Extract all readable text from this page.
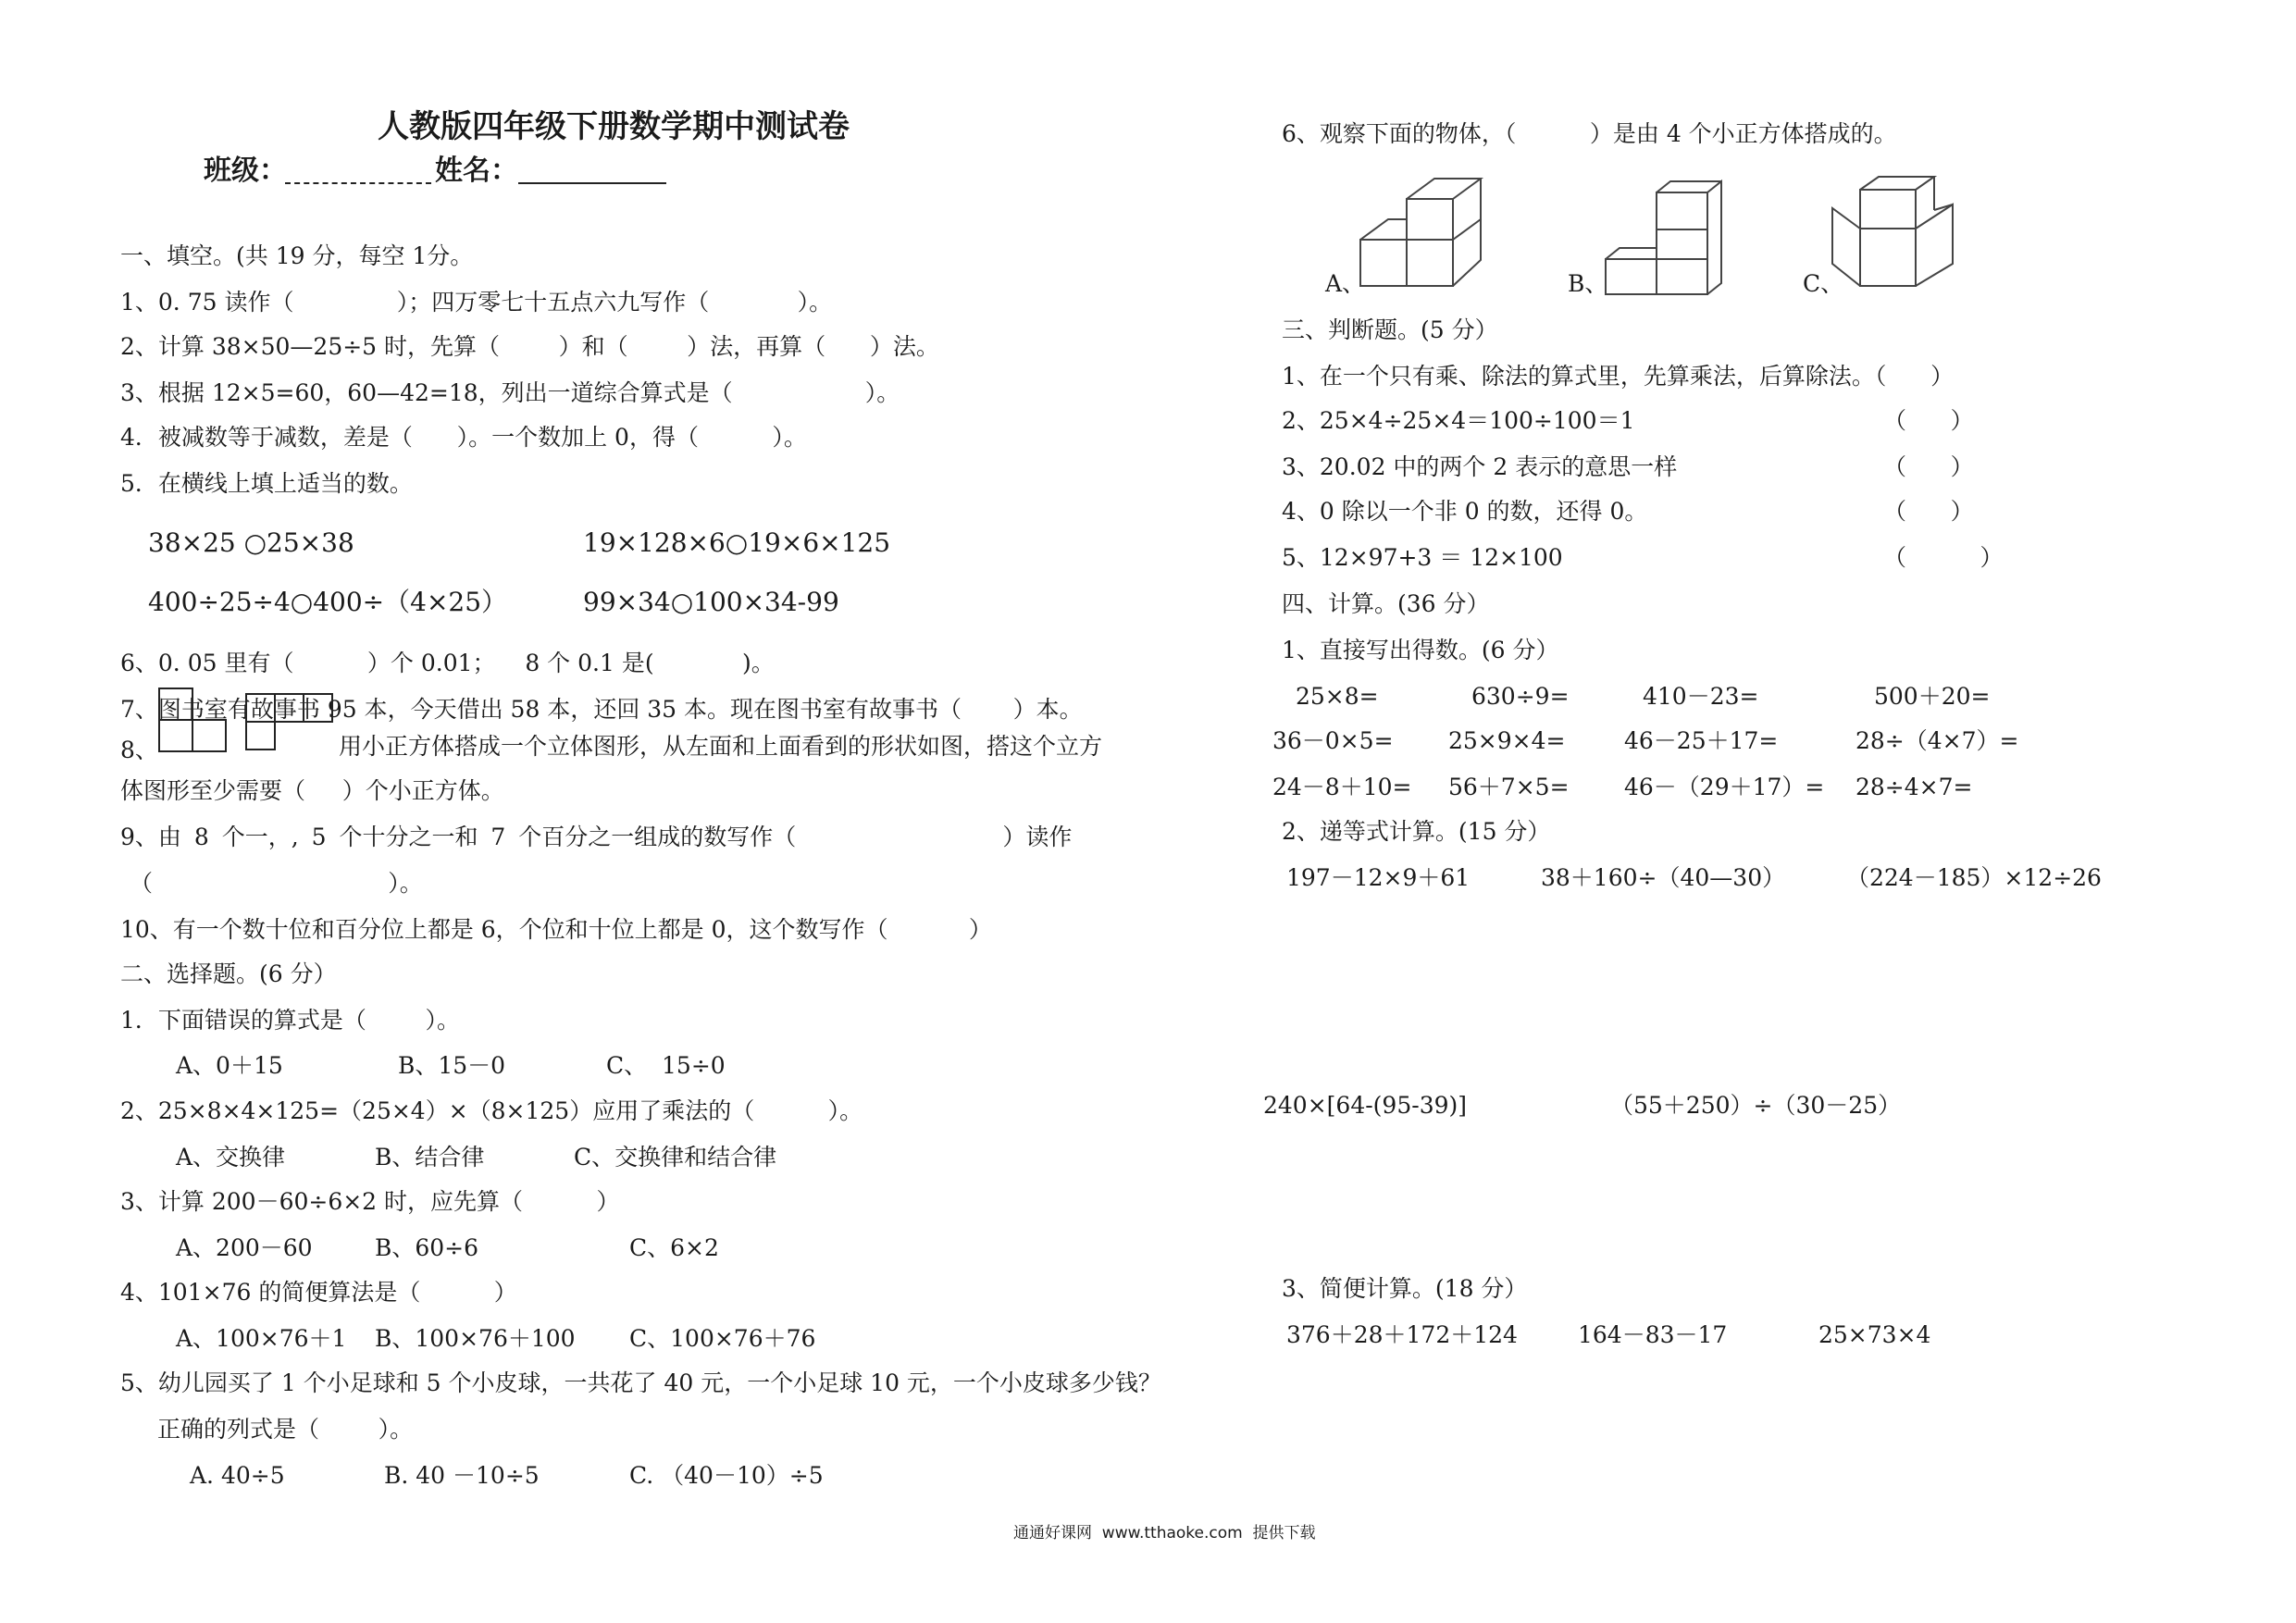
人教版四年级下册数学期中测试卷
班级：	姓名：
一、填空。(共 19 分，每空 1分。
1、0. 75 读作（              ）；四万零七十五点六九写作（            ）。
2、计算 38×50—25÷5 时，先算（        ）和（        ）法，再算（      ）法。
3、根据 12×5=60，60—42=18，列出一道综合算式是（                  ）。
4．被减数等于减数，差是（      ）。一个数加上 0，得（          ）。
5．在横线上填上适当的数。
38×25 ○25×38	19×128×6○19×6×125
400÷25÷4○400÷（4×25）	99×34○100×34-99
6、0. 05 里有（          ）个 0.01；    8 个 0.1 是(            )。
7、图书室有故事书 95 本，今天借出 58 本，还回 35 本。现在图书室有故事书（       ）本。
8、	用小正方体搭成一个立体图形，从左面和上面看到的形状如图，搭这个立方
体图形至少需要（     ）个小正方体。
9、由 8 个一，, 5 个十分之一和 7 个百分之一组成的数写作（                ）读作
（                                ）。
10、有一个数十位和百分位上都是 6，个位和十位上都是 0，这个数写作（           ）
二、选择题。(6 分）
1．下面错误的算式是（        ）。
A、0＋15	B、15－0	C、  15÷0
2、25×8×4×125=（25×4）×（8×125）应用了乘法的（          ）。
A、交换律	B、结合律	C、交换律和结合律
3、计算 200－60÷6×2 时，应先算（          ）
A、200－60	B、60÷6	C、6×2
4、101×76 的简便算法是（          ）
A、100×76＋1 B、100×76＋100 C、100×76＋76
5、幼儿园买了 1 个小足球和 5 个小皮球，一共花了 40 元，一个小足球 10 元，一个小皮球多少钱？
正确的列式是（        ）。
A. 40÷5	B. 40 －10÷5	C. （40－10）÷5
6、观察下面的物体，（          ）是由 4 个小正方体搭成的。
A、	B、	C、
三、判断题。(5 分）
1、在一个只有乘、除法的算式里，先算乘法，后算除法。（      ）
2、25×4÷25×4＝100÷100＝1	（      ）
3、20.02 中的两个 2 表示的意思一样	（      ）
4、0 除以一个非 0 的数，还得 0。	（      ）
5、12×97+3 ＝ 12×100	（          ）
四、计算。(36 分）
1、直接写出得数。(6 分）
25×8=	630÷9=	410－23=	500＋20=
36－0×5= 25×9×4=	46－25＋17=	28÷（4×7）=
24－8＋10= 56＋7×5= 46－（29＋17）= 28÷4×7=
2、递等式计算。(15 分）
197－12×9＋61	38＋160÷（40—30）	（224－185）×12÷26
240×[64-(95-39)]	（55＋250）÷（30－25）
3、简便计算。(18 分）
376＋28＋172＋124	164－83－17	25×73×4
通通好课网  www.tthaoke.com  提供下载
